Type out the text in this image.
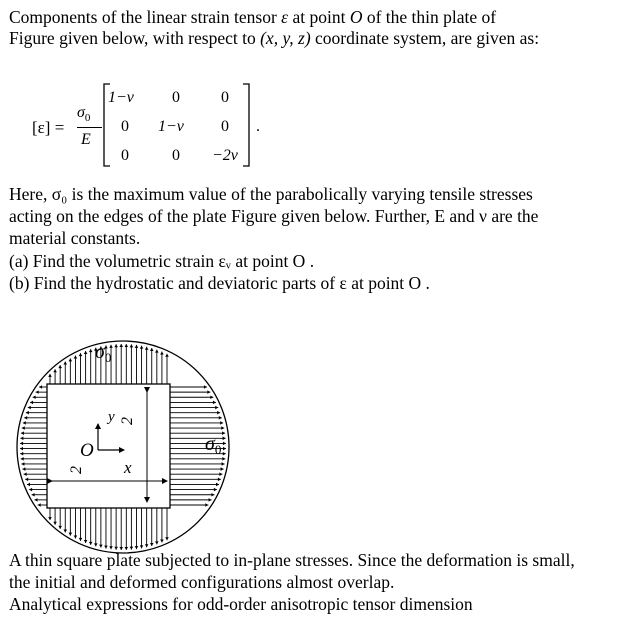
Components of the linear strain tensor ε at point O of the thin plate of

Figure given below, with respect to (x, y, z) coordinate system, are given as:

[ε] =
$\sigma_0$
E
1−ν 0	0
0 1−ν 0
0	0 −2ν
.

Here, σ₀ is the maximum value of the parabolically varying tensile stresses

acting on the edges of the plate Figure given below. Further, E and ν are the

material constants.

(a) Find the volumetric strain εᵥ at point O .

(b) Find the hydrostatic and deviatoric parts of ε at point O .

$\sigma_0$
$\sigma_0$
y
x
O
2
2

A thin square plate subjected to in-plane stresses. Since the deformation is small,

the initial and deformed configurations almost overlap.

Analytical expressions for odd-order anisotropic tensor dimension
